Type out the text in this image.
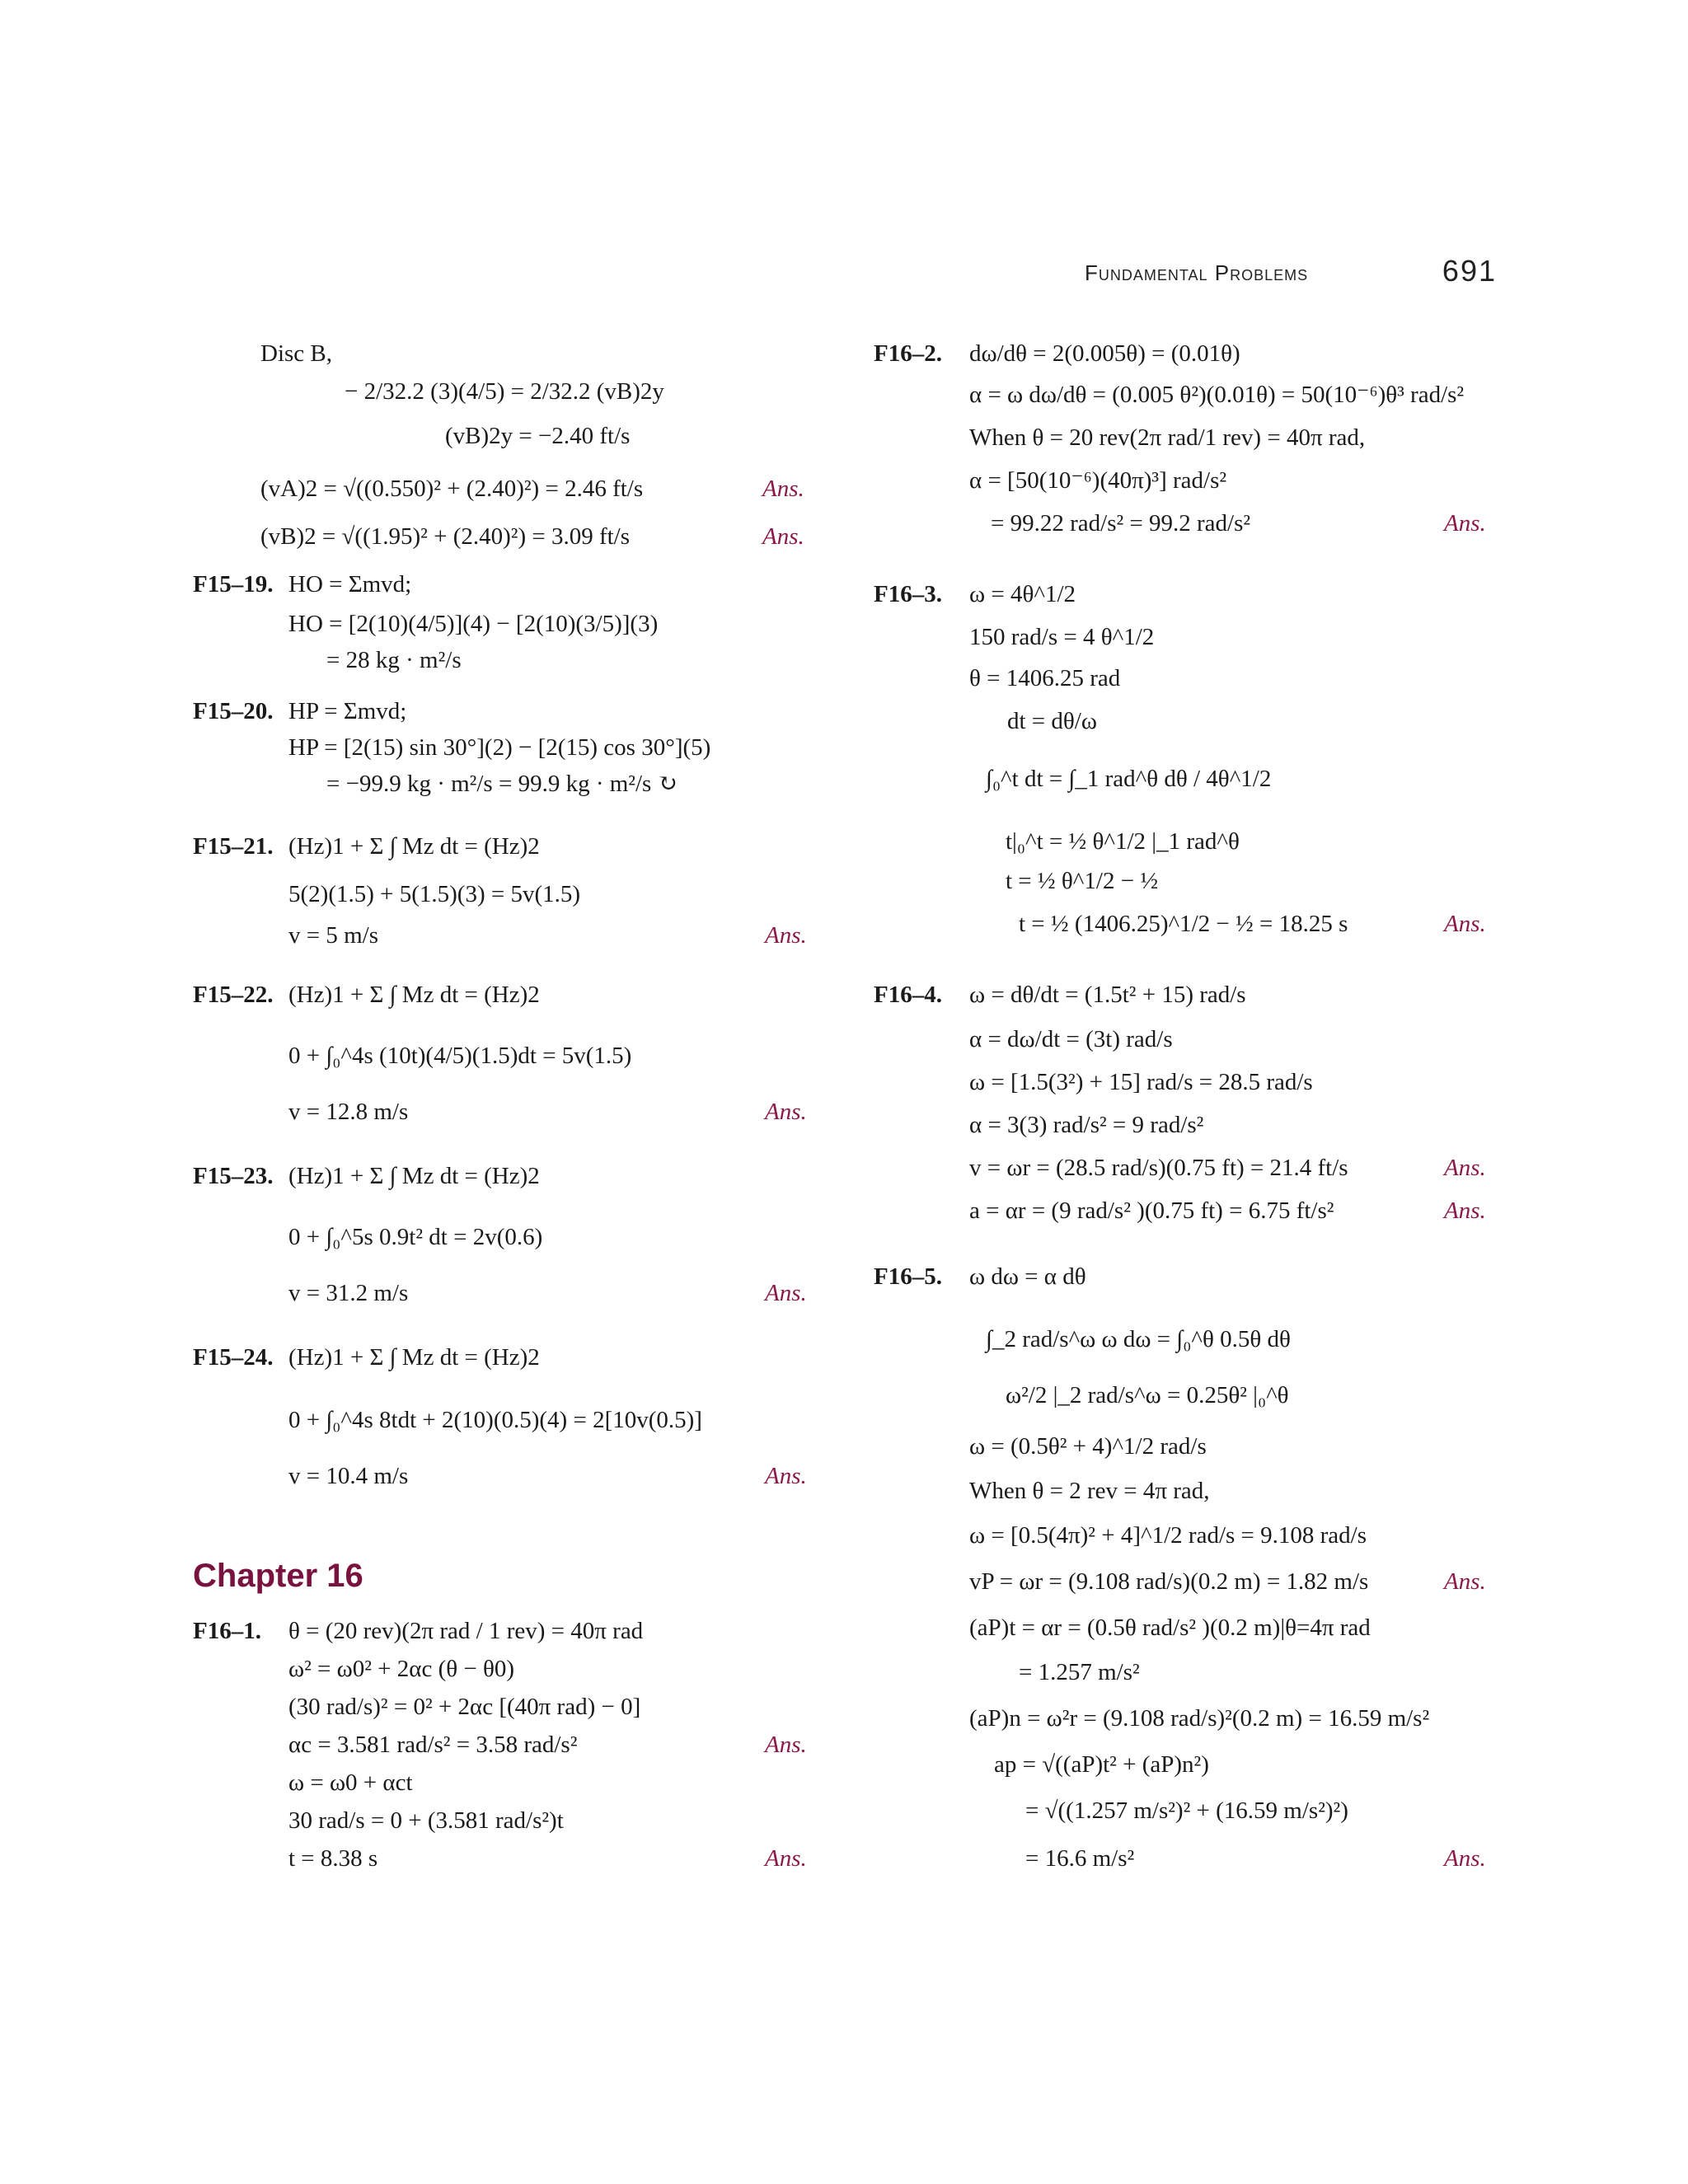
Fundamental Problems	691
Disc B,
− 2/32.2 (3)(4/5) = 2/32.2 (vB)2y
(vB)2y = −2.40 ft/s
(vA)2 = √((0.550)² + (2.40)²) = 2.46 ft/s	Ans.
(vB)2 = √((1.95)² + (2.40)²) = 3.09 ft/s	Ans.
F15–19. HO = Σmvd;
HO = [2(10)(4/5)](4) − [2(10)(3/5)](3)
= 28 kg · m²/s
F15–20. HP = Σmvd;
HP = [2(15) sin 30°](2) − [2(15) cos 30°](5)
= −99.9 kg · m²/s = 99.9 kg · m²/s ↻
F15–21. (Hz)1 + Σ ∫ Mz dt = (Hz)2
5(2)(1.5) + 5(1.5)(3) = 5v(1.5)
v = 5 m/s	Ans.
F15–22. (Hz)1 + Σ ∫ Mz dt = (Hz)2
0 + ∫₀^4s (10t)(4/5)(1.5)dt = 5v(1.5)
v = 12.8 m/s	Ans.
F15–23. (Hz)1 + Σ ∫ Mz dt = (Hz)2
0 + ∫₀^5s 0.9t² dt = 2v(0.6)
v = 31.2 m/s	Ans.
F15–24. (Hz)1 + Σ ∫ Mz dt = (Hz)2
0 + ∫₀^4s 8tdt + 2(10)(0.5)(4) = 2[10v(0.5)]
v = 10.4 m/s	Ans.
Chapter 16
F16–1. θ = (20 rev)(2π rad / 1 rev) = 40π rad
ω² = ω0² + 2αc (θ − θ0)
(30 rad/s)² = 0² + 2αc [(40π rad) − 0]
αc = 3.581 rad/s² = 3.58 rad/s²	Ans.
ω = ω0 + αct
30 rad/s = 0 + (3.581 rad/s²)t
t = 8.38 s	Ans.
F16–2. dω/dθ = 2(0.005θ) = (0.01θ)
α = ω dω/dθ = (0.005 θ²)(0.01θ) = 50(10⁻⁶)θ³ rad/s²
When θ = 20 rev(2π rad/1 rev) = 40π rad,
α = [50(10⁻⁶)(40π)³] rad/s²
= 99.22 rad/s² = 99.2 rad/s²	Ans.
F16–3. ω = 4θ^1/2
150 rad/s = 4 θ^1/2
θ = 1406.25 rad
dt = dθ/ω
∫₀^t dt = ∫_1 rad^θ dθ / 4θ^1/2
t|₀^t = ½ θ^1/2 |_1 rad^θ
t = ½ θ^1/2 − ½
t = ½ (1406.25)^1/2 − ½ = 18.25 s	Ans.
F16–4. ω = dθ/dt = (1.5t² + 15) rad/s
α = dω/dt = (3t) rad/s
ω = [1.5(3²) + 15] rad/s = 28.5 rad/s
α = 3(3) rad/s² = 9 rad/s²
v = ωr = (28.5 rad/s)(0.75 ft) = 21.4 ft/s	Ans.
a = αr = (9 rad/s² )(0.75 ft) = 6.75 ft/s²	Ans.
F16–5. ω dω = α dθ
∫_2 rad/s^ω ω dω = ∫₀^θ 0.5θ dθ
ω²/2 |_2 rad/s^ω = 0.25θ² |₀^θ
ω = (0.5θ² + 4)^1/2 rad/s
When θ = 2 rev = 4π rad,
ω = [0.5(4π)² + 4]^1/2 rad/s = 9.108 rad/s
vP = ωr = (9.108 rad/s)(0.2 m) = 1.82 m/s	Ans.
(aP)t = αr = (0.5θ rad/s² )(0.2 m)|θ=4π rad
= 1.257 m/s²
(aP)n = ω²r = (9.108 rad/s)²(0.2 m) = 16.59 m/s²
ap = √((aP)t² + (aP)n²)
= √((1.257 m/s²)² + (16.59 m/s²)²)
= 16.6 m/s²	Ans.
